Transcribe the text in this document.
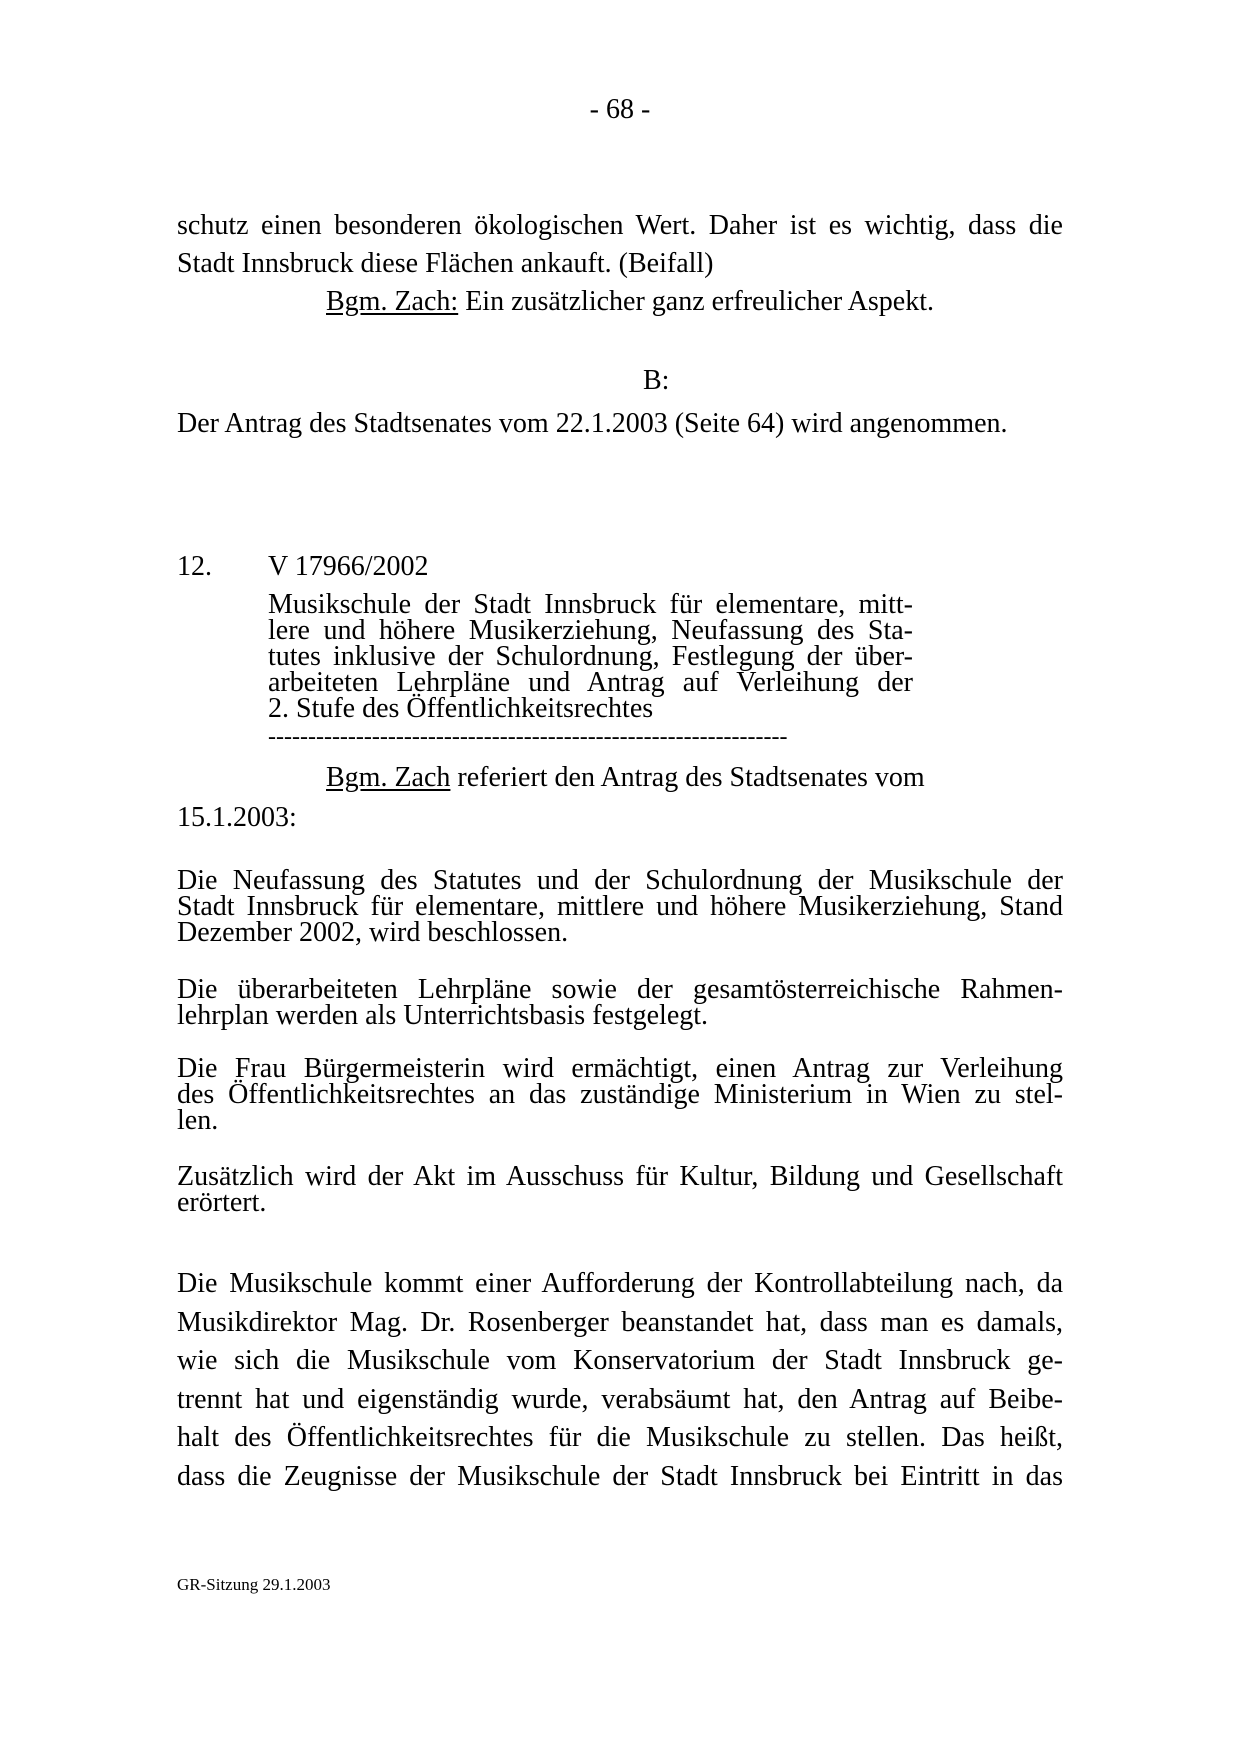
- 68 -
schutz einen besonderen ökologischen Wert. Daher ist es wichtig, dass die
Stadt Innsbruck diese Flächen ankauft. (Beifall)
Bgm. Zach: Ein zusätzlicher ganz erfreulicher Aspekt.
B:
Der Antrag des Stadtsenates vom 22.1.2003 (Seite 64) wird angenommen.
12. V 17966/2002
Musikschule der Stadt Innsbruck für elementare, mitt-
lere und höhere Musikerziehung, Neufassung des Sta-
tutes inklusive der Schulordnung, Festlegung der über-
arbeiteten Lehrpläne und Antrag auf Verleihung der
2. Stufe des Öffentlichkeitsrechtes
-----------------------------------------------------------------
Bgm. Zach referiert den Antrag des Stadtsenates vom
15.1.2003:
Die Neufassung des Statutes und der Schulordnung der Musikschule der
Stadt Innsbruck für elementare, mittlere und höhere Musikerziehung, Stand
Dezember 2002, wird beschlossen.
Die überarbeiteten Lehrpläne sowie der gesamtösterreichische Rahmen-
lehrplan werden als Unterrichtsbasis festgelegt.
Die Frau Bürgermeisterin wird ermächtigt, einen Antrag zur Verleihung
des Öffentlichkeitsrechtes an das zuständige Ministerium in Wien zu stel-
len.
Zusätzlich wird der Akt im Ausschuss für Kultur, Bildung und Gesellschaft
erörtert.
Die Musikschule kommt einer Aufforderung der Kontrollabteilung nach, da
Musikdirektor Mag. Dr. Rosenberger beanstandet hat, dass man es damals,
wie sich die Musikschule vom Konservatorium der Stadt Innsbruck ge-
trennt hat und eigenständig wurde, verabsäumt hat, den Antrag auf Beibe-
halt des Öffentlichkeitsrechtes für die Musikschule zu stellen. Das heißt,
dass die Zeugnisse der Musikschule der Stadt Innsbruck bei Eintritt in das
GR-Sitzung 29.1.2003
